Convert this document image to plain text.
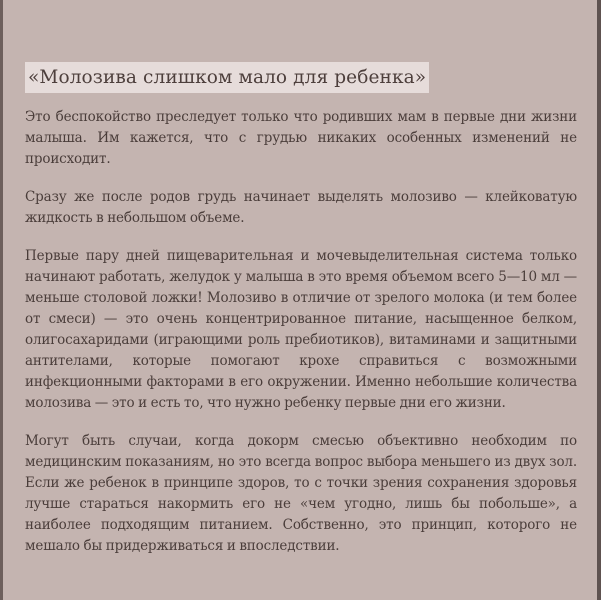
«Молозива слишком мало для ребенка»

Это беспокойство преследует только что родивших мам в первые дни жизни малыша. Им кажется, что с грудью никаких особенных изменений не происходит.

Сразу же после родов грудь начинает выделять молозиво — клейковатую жидкость в небольшом объеме.

Первые пару дней пищеварительная и мочевыделительная система только начинают работать, желудок у малыша в это время объемом всего 5—10 мл — меньше столовой ложки! Молозиво в отличие от зрелого молока (и тем более от смеси) — это очень концентрированное питание, насыщенное белком, олигосахаридами (играющими роль пребиотиков), витаминами и защитными антителами, которые помогают крохе справиться с возможными инфекционными факторами в его окружении. Именно небольшие количества молозива — это и есть то, что нужно ребенку первые дни его жизни.

Могут быть случаи, когда докорм смесью объективно необходим по медицинским показаниям, но это всегда вопрос выбора меньшего из двух зол. Если же ребенок в принципе здоров, то с точки зрения сохранения здоровья лучше стараться накормить его не «чем угодно, лишь бы побольше», а наиболее подходящим питанием. Собственно, это принцип, которого не мешало бы придерживаться и впоследствии.
